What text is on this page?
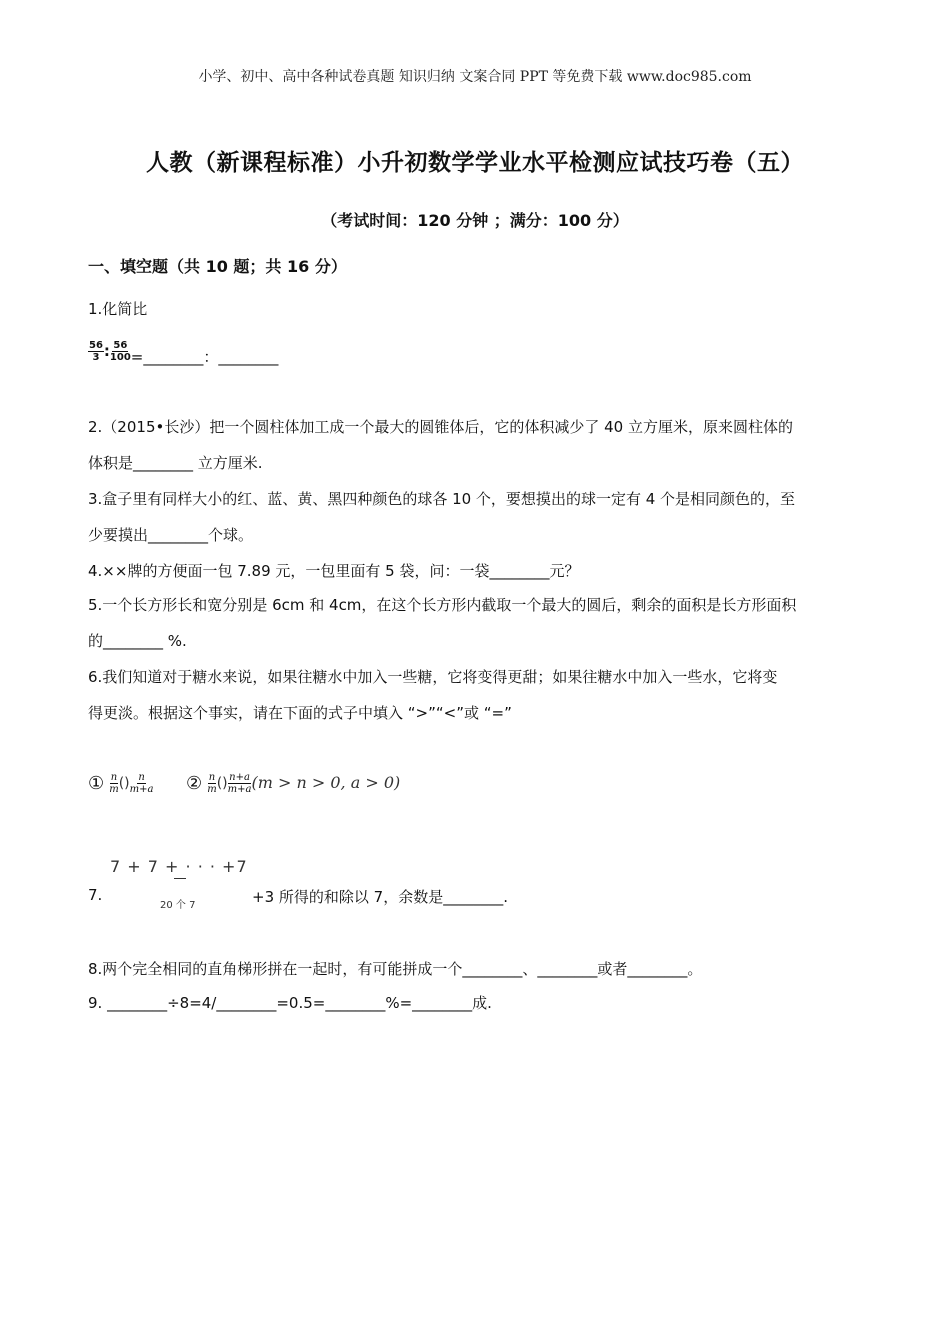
小学、初中、高中各种试卷真题 知识归纳 文案合同 PPT 等免费下载 www.doc985.com
人教（新课程标准）小升初数学学业水平检测应试技巧卷（五）
（考试时间：120 分钟 ；满分：100 分）
一、填空题（共 10 题；共 16 分）
1.化简比
$\frac{56}{3}$ : $\frac{56}{100}$ =________：________
2.（2015•长沙）把一个圆柱体加工成一个最大的圆锥体后，它的体积减少了 40 立方厘米，原来圆柱体的
体积是________ 立方厘米.
3.盒子里有同样大小的红、蓝、黄、黑四种颜色的球各 10 个，要想摸出的球一定有 4 个是相同颜色的，至
少要摸出________个球。
4.××牌的方便面一包 7.89 元，一包里面有 5 袋，问：一袋________元？
5.一个长方形长和宽分别是 6cm 和 4cm，在这个长方形内截取一个最大的圆后，剩余的面积是长方形面积
的________ %.
6.我们知道对于糖水来说，如果往糖水中加入一些糖，它将变得更甜；如果往糖水中加入一些水，它将变
得更淡。根据这个事实，请在下面的式子中填入 “>”“<”或 “=”
① $\frac{n}{m}$ () $\frac{n}{m+a}$ ② $\frac{n}{m}$ () $\frac{n+a}{m+a} (m > n > 0$, a > 0)
7 + 7 + · · · +7
20 个 7
7.	+3 所得的和除以 7，余数是________.
8.两个完全相同的直角梯形拼在一起时，有可能拼成一个________、________或者________。
9. ________÷8=4/________=0.5=________%=________成.
